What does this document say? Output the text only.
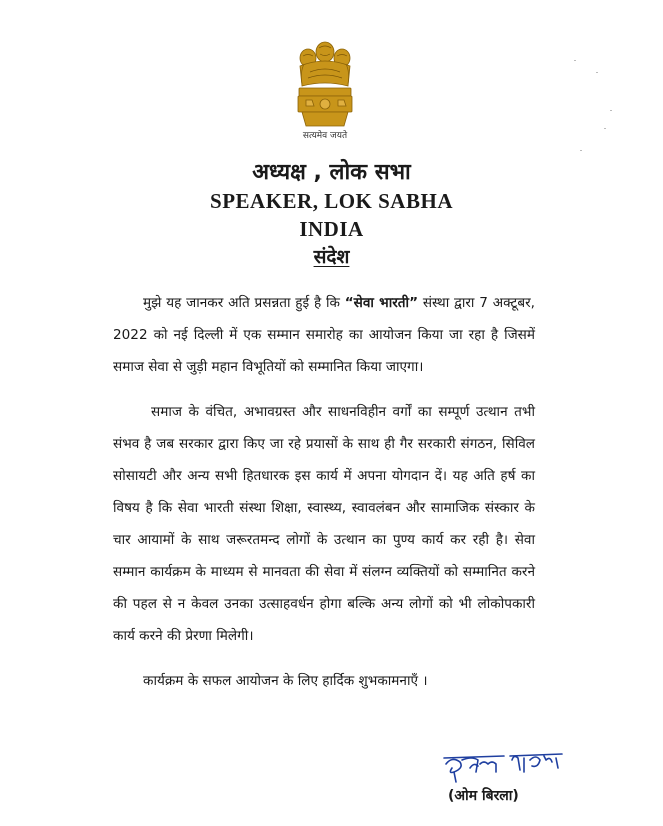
सत्यमेव जयते
अध्यक्ष , लोक सभा
SPEAKER, LOK SABHA
INDIA
संदेश

मुझे यह जानकर अति प्रसन्नता हुई है कि “सेवा भारती” संस्था द्वारा 7 अक्टूबर, 2022 को नई दिल्ली में एक सम्मान समारोह का आयोजन किया जा रहा है जिसमें समाज सेवा से जुड़ी महान विभूतियों को सम्मानित किया जाएगा।

समाज के वंचित, अभावग्रस्त और साधनविहीन वर्गों का सम्पूर्ण उत्थान तभी संभव है जब सरकार द्वारा किए जा रहे प्रयासों के साथ ही गैर सरकारी संगठन, सिविल सोसायटी और अन्य सभी हितधारक इस कार्य में अपना योगदान दें। यह अति हर्ष का विषय है कि सेवा भारती संस्था शिक्षा, स्वास्थ्य, स्वावलंबन और सामाजिक संस्कार के चार आयामों के साथ जरूरतमन्द लोगों के उत्थान का पुण्य कार्य कर रही है। सेवा सम्मान कार्यक्रम के माध्यम से मानवता की सेवा में संलग्न व्यक्तियों को सम्मानित करने की पहल से न केवल उनका उत्साहवर्धन होगा बल्कि अन्य लोगों को भी लोकोपकारी कार्य करने की प्रेरणा मिलेगी।

कार्यक्रम के सफल आयोजन के लिए हार्दिक शुभकामनाएँ ।

(ओम बिरला)
